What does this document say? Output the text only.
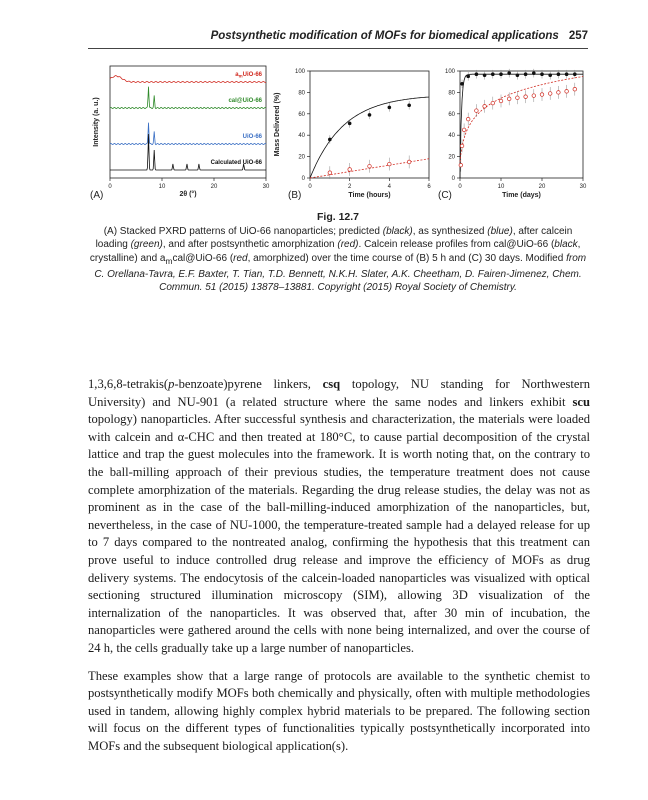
Postsynthetic modification of MOFs for biomedical applications 257
0	10	20	30
2θ (°)
Intensity (a. u.)
$a_mUiO-66$
cal@UiO-66
UiO-66
Calculated UiO-66
(A)
0
20
40
60
80
100
0	2	4	6
Time (hours)
Mass Delivered (%)
(B)
0
20
40
60
80
100
0	10	20	30
Time (days)
(C)
Fig. 12.7
(A) Stacked PXRD patterns of UiO-66 nanoparticles; predicted (black), as synthesized (blue), after calcein loading (green), and after postsynthetic amorphization (red). Calcein release profiles from cal@UiO-66 (black, crystalline) and $a_mcal@UiO-66$ (red, amorphized) over the time course of (B) 5 h and (C) 30 days. Modified from C. Orellana-Tavra, E.F. Baxter, T. Tian, T.D. Bennett, N.K.H. Slater, A.K. Cheetham, D. Fairen-Jimenez, Chem. Commun. 51 (2015) 13878–13881. Copyright (2015) Royal Society of Chemistry.

1,3,6,8-tetrakis(p-benzoate)pyrene linkers, csq topology, NU standing for Northwestern University) and NU-901 (a related structure where the same nodes and linkers exhibit scu topology) nanoparticles. After successful synthesis and characterization, the materials were loaded with calcein and α-CHC and then treated at 180°C, to cause partial decomposition of the crystal lattice and trap the guest molecules into the framework. It is worth noting that, on the contrary to the ball-milling approach of their previous studies, the temperature treatment does not cause complete amorphization of the materials. Regarding the drug release studies, the delay was not as prominent as in the case of the ball-milling-induced amorphization of the nanoparticles, but, nevertheless, in the case of NU-1000, the temperature-treated sample had a delayed release for up to 7 days compared to the nontreated analog, confirming the hypothesis that this treatment can prove useful to induce controlled drug release and improve the efficiency of MOFs as drug delivery systems. The endocytosis of the calcein-loaded nanoparticles was visualized with optical sectioning structured illumination microscopy (SIM), allowing 3D visualization of the internalization of the nanoparticles. It was observed that, after 30 min of incubation, the nanoparticles were gathered around the cells with none being internalized, and over the course of 24 h, the cells gradually take up a large number of nanoparticles.

These examples show that a large range of protocols are available to the synthetic chemist to postsynthetically modify MOFs both chemically and physically, often with multiple methodologies used in tandem, allowing highly complex hybrid materials to be prepared. The following section will focus on the different types of functionalities typically postsynthetically incorporated into MOFs and the subsequent biological application(s).
